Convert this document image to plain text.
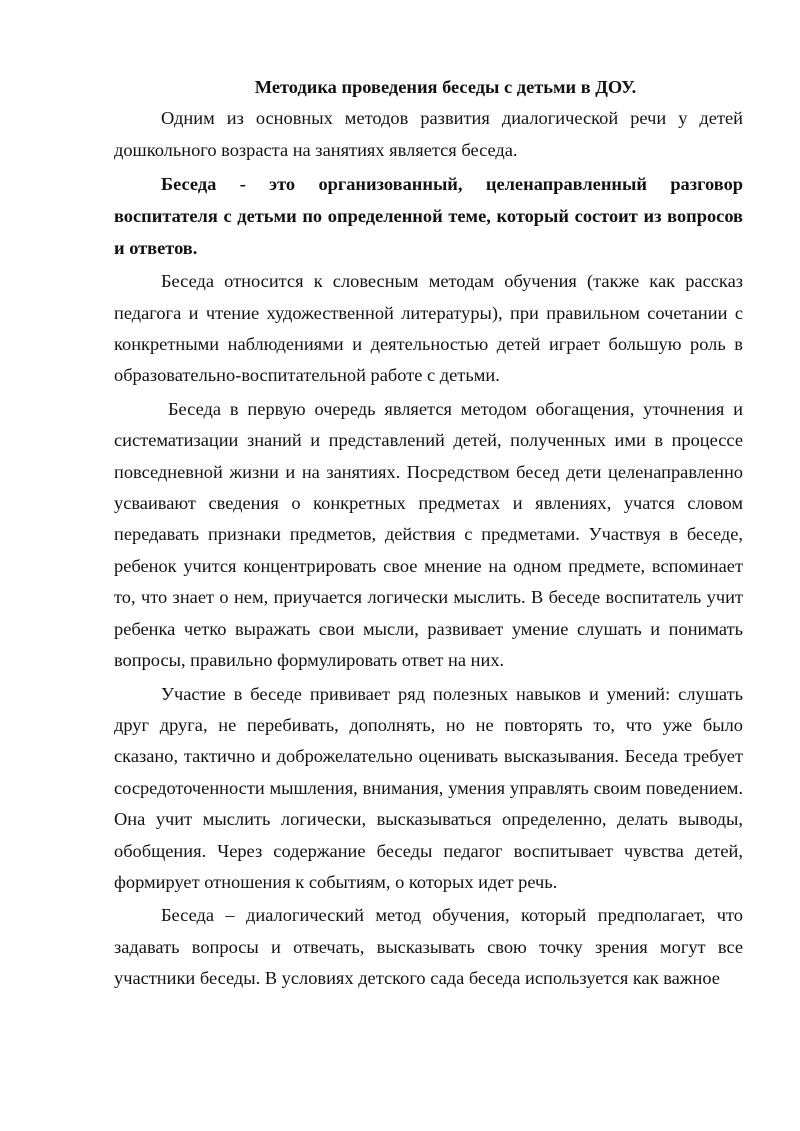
Методика проведения беседы с детьми в ДОУ.

Одним из основных методов развития диалогической речи у детей дошкольного возраста на занятиях является беседа.

Беседа - это организованный, целенаправленный разговор воспитателя с детьми по определенной теме, который состоит из вопросов и ответов.

Беседа относится к словесным методам обучения (также как рассказ педагога и чтение художественной литературы), при правильном сочетании с конкретными наблюдениями и деятельностью детей играет большую роль в образовательно-воспитательной работе с детьми.

Беседа в первую очередь является методом обогащения, уточнения и систематизации знаний и представлений детей, полученных ими в процессе повседневной жизни и на занятиях. Посредством бесед дети целенаправленно усваивают сведения о конкретных предметах и явлениях, учатся словом передавать признаки предметов, действия с предметами. Участвуя в беседе, ребенок учится концентрировать свое мнение на одном предмете, вспоминает то, что знает о нем, приучается логически мыслить. В беседе воспитатель учит ребенка четко выражать свои мысли, развивает умение слушать и понимать вопросы, правильно формулировать ответ на них.

Участие в беседе прививает ряд полезных навыков и умений: слушать друг друга, не перебивать, дополнять, но не повторять то, что уже было сказано, тактично и доброжелательно оценивать высказывания. Беседа требует сосредоточенности мышления, внимания, умения управлять своим поведением. Она учит мыслить логически, высказываться определенно, делать выводы, обобщения. Через содержание беседы педагог воспитывает чувства детей, формирует отношения к событиям, о которых идет речь.

Беседа – диалогический метод обучения, который предполагает, что задавать вопросы и отвечать, высказывать свою точку зрения могут все участники беседы. В условиях детского сада беседа используется как важное
